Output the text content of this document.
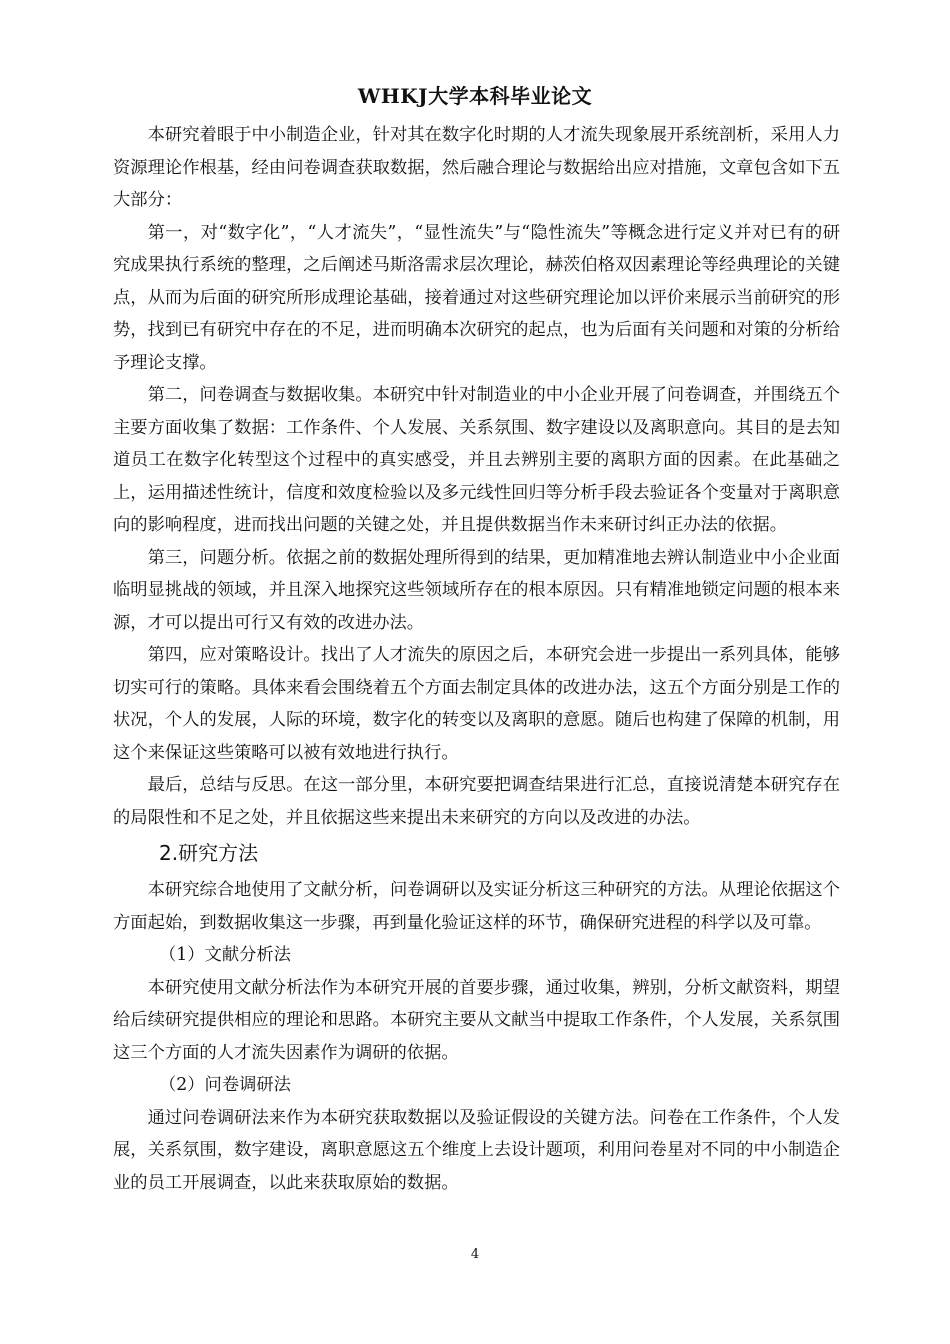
WHKJ大学本科毕业论文

本研究着眼于中小制造企业，针对其在数字化时期的人才流失现象展开系统剖析，采用人力资源理论作根基，经由问卷调查获取数据，然后融合理论与数据给出应对措施，文章包含如下五大部分：

第一，对“数字化”，“人才流失”，“显性流失”与“隐性流失”等概念进行定义并对已有的研究成果执行系统的整理，之后阐述马斯洛需求层次理论，赫茨伯格双因素理论等经典理论的关键点，从而为后面的研究所形成理论基础，接着通过对这些研究理论加以评价来展示当前研究的形势，找到已有研究中存在的不足，进而明确本次研究的起点，也为后面有关问题和对策的分析给予理论支撑。

第二，问卷调查与数据收集。本研究中针对制造业的中小企业开展了问卷调查，并围绕五个主要方面收集了数据：工作条件、个人发展、关系氛围、数字建设以及离职意向。其目的是去知道员工在数字化转型这个过程中的真实感受，并且去辨别主要的离职方面的因素。在此基础之上，运用描述性统计，信度和效度检验以及多元线性回归等分析手段去验证各个变量对于离职意向的影响程度，进而找出问题的关键之处，并且提供数据当作未来研讨纠正办法的依据。

第三，问题分析。依据之前的数据处理所得到的结果，更加精准地去辨认制造业中小企业面临明显挑战的领域，并且深入地探究这些领域所存在的根本原因。只有精准地锁定问题的根本来源，才可以提出可行又有效的改进办法。

第四，应对策略设计。找出了人才流失的原因之后，本研究会进一步提出一系列具体，能够切实可行的策略。具体来看会围绕着五个方面去制定具体的改进办法，这五个方面分别是工作的状况，个人的发展，人际的环境，数字化的转变以及离职的意愿。随后也构建了保障的机制，用这个来保证这些策略可以被有效地进行执行。

最后，总结与反思。在这一部分里，本研究要把调查结果进行汇总，直接说清楚本研究存在的局限性和不足之处，并且依据这些来提出未来研究的方向以及改进的办法。

2.研究方法

本研究综合地使用了文献分析，问卷调研以及实证分析这三种研究的方法。从理论依据这个方面起始，到数据收集这一步骤，再到量化验证这样的环节，确保研究进程的科学以及可靠。

（1）文献分析法

本研究使用文献分析法作为本研究开展的首要步骤，通过收集，辨别，分析文献资料，期望给后续研究提供相应的理论和思路。本研究主要从文献当中提取工作条件，个人发展，关系氛围这三个方面的人才流失因素作为调研的依据。

（2）问卷调研法

通过问卷调研法来作为本研究获取数据以及验证假设的关键方法。问卷在工作条件，个人发展，关系氛围，数字建设，离职意愿这五个维度上去设计题项，利用问卷星对不同的中小制造企业的员工开展调查，以此来获取原始的数据。

4
